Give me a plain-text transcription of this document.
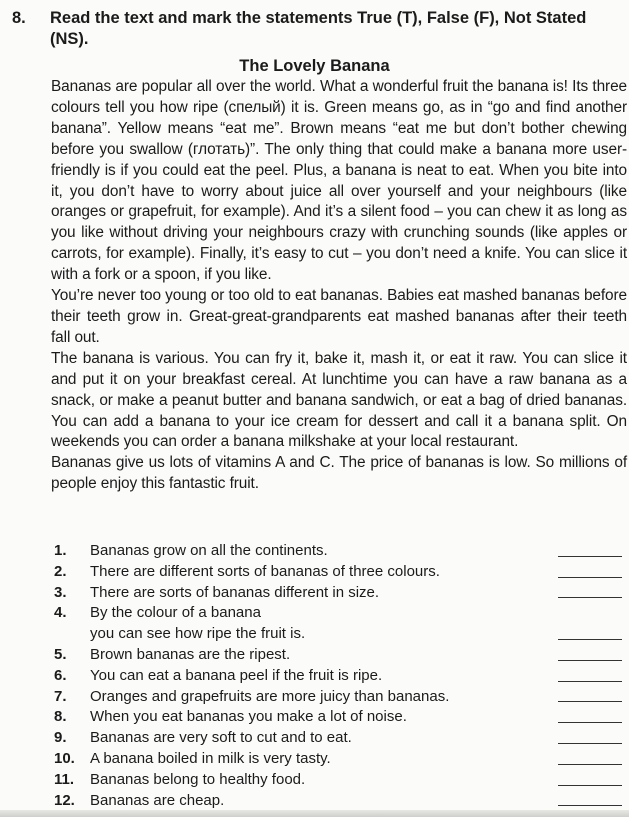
8. Read the text and mark the statements True (T), False (F), Not Stated (NS).
The Lovely Banana

Bananas are popular all over the world. What a wonderful fruit the banana is! Its three colours tell you how ripe (спелый) it is. Green means go, as in “go and find another banana”. Yellow means “eat me”. Brown means “eat me but don’t bother chewing before you swallow (глотать)”. The only thing that could make a banana more user-friendly is if you could eat the peel. Plus, a banana is neat to eat. When you bite into it, you don’t have to worry about juice all over yourself and your neighbours (like oranges or grapefruit, for example). And it’s a silent food – you can chew it as long as you like without driving your neighbours crazy with crunching sounds (like apples or carrots, for example). Finally, it’s easy to cut – you don’t need a knife. You can slice it with a fork or a spoon, if you like.

You’re never too young or too old to eat bananas. Babies eat mashed bananas before their teeth grow in. Great-great-grandparents eat mashed bananas after their teeth fall out.

The banana is various. You can fry it, bake it, mash it, or eat it raw. You can slice it and put it on your breakfast cereal. At lunchtime you can have a raw banana as a snack, or make a peanut butter and banana sandwich, or eat a bag of dried bananas. You can add a banana to your ice cream for dessert and call it a banana split. On weekends you can order a banana milkshake at your local restaurant.

Bananas give us lots of vitamins A and C. The price of bananas is low. So millions of people enjoy this fantastic fruit.

1. Bananas grow on all the continents.
2. There are different sorts of bananas of three colours.
3. There are sorts of bananas different in size.
4. By the colour of a banana
you can see how ripe the fruit is.
5. Brown bananas are the ripest.
6. You can eat a banana peel if the fruit is ripe.
7. Oranges and grapefruits are more juicy than bananas.
8. When you eat bananas you make a lot of noise.
9. Bananas are very soft to cut and to eat.
10. A banana boiled in milk is very tasty.
11. Bananas belong to healthy food.
12. Bananas are cheap.
